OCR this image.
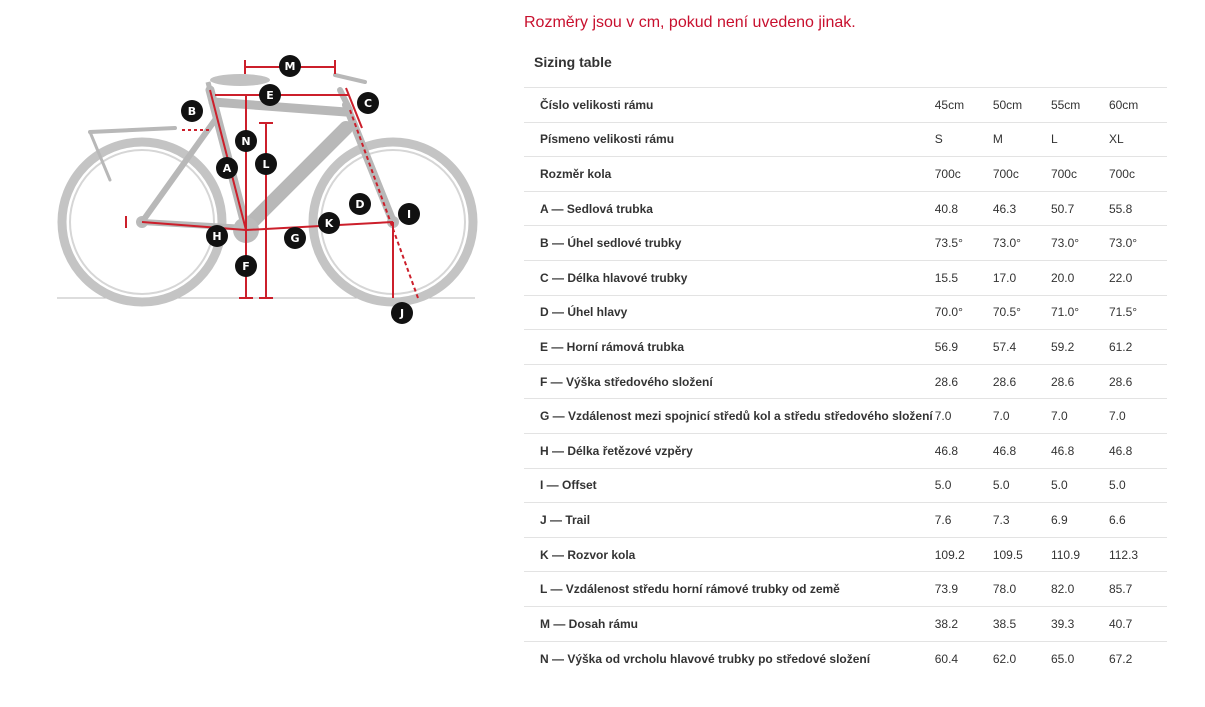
M
E
C
B
N
L
A
D
I
K
H	G
F
J
Rozměry jsou v cm, pokud není uvedeno jinak.
Sizing table
Číslo velikosti rámu	45cm	50cm	55cm	60cm
Písmeno velikosti rámu	S	M	L	XL
Rozměr kola	700c	700c	700c	700c
A — Sedlová trubka	40.8	46.3	50.7	55.8
B — Úhel sedlové trubky	73.5°	73.0°	73.0°	73.0°
C — Délka hlavové trubky	15.5	17.0	20.0	22.0
D — Úhel hlavy	70.0°	70.5°	71.0°	71.5°
E — Horní rámová trubka	56.9	57.4	59.2	61.2
F — Výška středového složení	28.6	28.6	28.6	28.6
G — Vzdálenost mezi spojnicí středů kol a středu středového složení	7.0	7.0	7.0	7.0
H — Délka řetězové vzpěry	46.8	46.8	46.8	46.8
I — Offset	5.0	5.0	5.0	5.0
J — Trail	7.6	7.3	6.9	6.6
K — Rozvor kola	109.2	109.5	110.9	112.3
L — Vzdálenost středu horní rámové trubky od země	73.9	78.0	82.0	85.7
M — Dosah rámu	38.2	38.5	39.3	40.7
N — Výška od vrcholu hlavové trubky po středové složení	60.4	62.0	65.0	67.2
